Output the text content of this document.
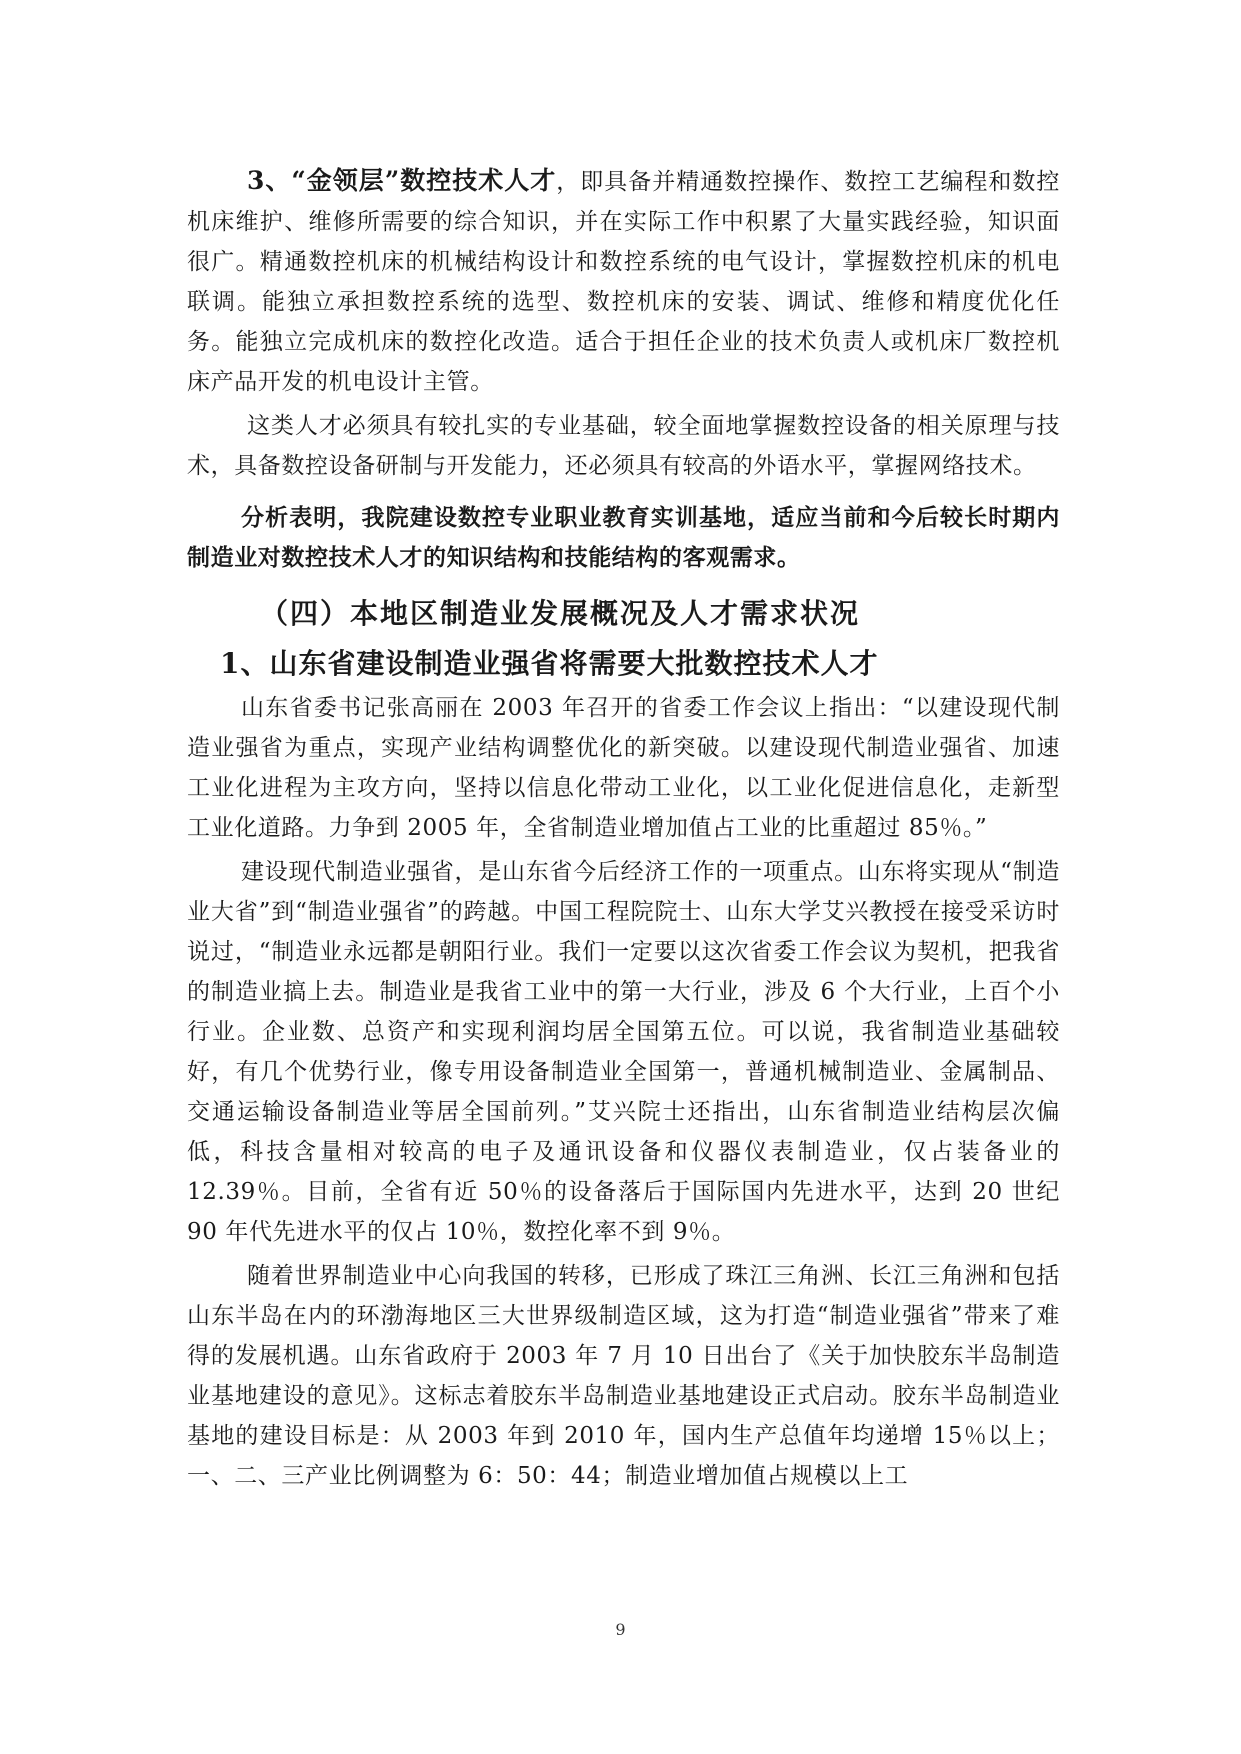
3、“金领层”数控技术人才，即具备并精通数控操作、数控工艺编程和数控机床维护、维修所需要的综合知识，并在实际工作中积累了大量实践经验，知识面很广。精通数控机床的机械结构设计和数控系统的电气设计，掌握数控机床的机电联调。能独立承担数控系统的选型、数控机床的安装、调试、维修和精度优化任务。能独立完成机床的数控化改造。适合于担任企业的技术负责人或机床厂数控机床产品开发的机电设计主管。

这类人才必须具有较扎实的专业基础，较全面地掌握数控设备的相关原理与技术，具备数控设备研制与开发能力，还必须具有较高的外语水平，掌握网络技术。

分析表明，我院建设数控专业职业教育实训基地，适应当前和今后较长时期内制造业对数控技术人才的知识结构和技能结构的客观需求。

（四）本地区制造业发展概况及人才需求状况

1、山东省建设制造业强省将需要大批数控技术人才

山东省委书记张高丽在 2003 年召开的省委工作会议上指出：“以建设现代制造业强省为重点，实现产业结构调整优化的新突破。以建设现代制造业强省、加速工业化进程为主攻方向，坚持以信息化带动工业化，以工业化促进信息化，走新型工业化道路。力争到 2005 年，全省制造业增加值占工业的比重超过 85％。”

建设现代制造业强省，是山东省今后经济工作的一项重点。山东将实现从“制造业大省”到“制造业强省”的跨越。中国工程院院士、山东大学艾兴教授在接受采访时说过，“制造业永远都是朝阳行业。我们一定要以这次省委工作会议为契机，把我省的制造业搞上去。制造业是我省工业中的第一大行业，涉及 6 个大行业，上百个小行业。企业数、总资产和实现利润均居全国第五位。可以说，我省制造业基础较好，有几个优势行业，像专用设备制造业全国第一，普通机械制造业、金属制品、交通运输设备制造业等居全国前列。”艾兴院士还指出，山东省制造业结构层次偏低，科技含量相对较高的电子及通讯设备和仪器仪表制造业，仅占装备业的 12.39％。目前，全省有近 50％的设备落后于国际国内先进水平，达到 20 世纪 90 年代先进水平的仅占 10％，数控化率不到 9％。

随着世界制造业中心向我国的转移，已形成了珠江三角洲、长江三角洲和包括山东半岛在内的环渤海地区三大世界级制造区域，这为打造“制造业强省”带来了难得的发展机遇。山东省政府于 2003 年 7 月 10 日出台了《关于加快胶东半岛制造业基地建设的意见》。这标志着胶东半岛制造业基地建设正式启动。胶东半岛制造业基地的建设目标是：从 2003 年到 2010 年，国内生产总值年均递增 15％以上；一、二、三产业比例调整为 6：50：44；制造业增加值占规模以上工

9
